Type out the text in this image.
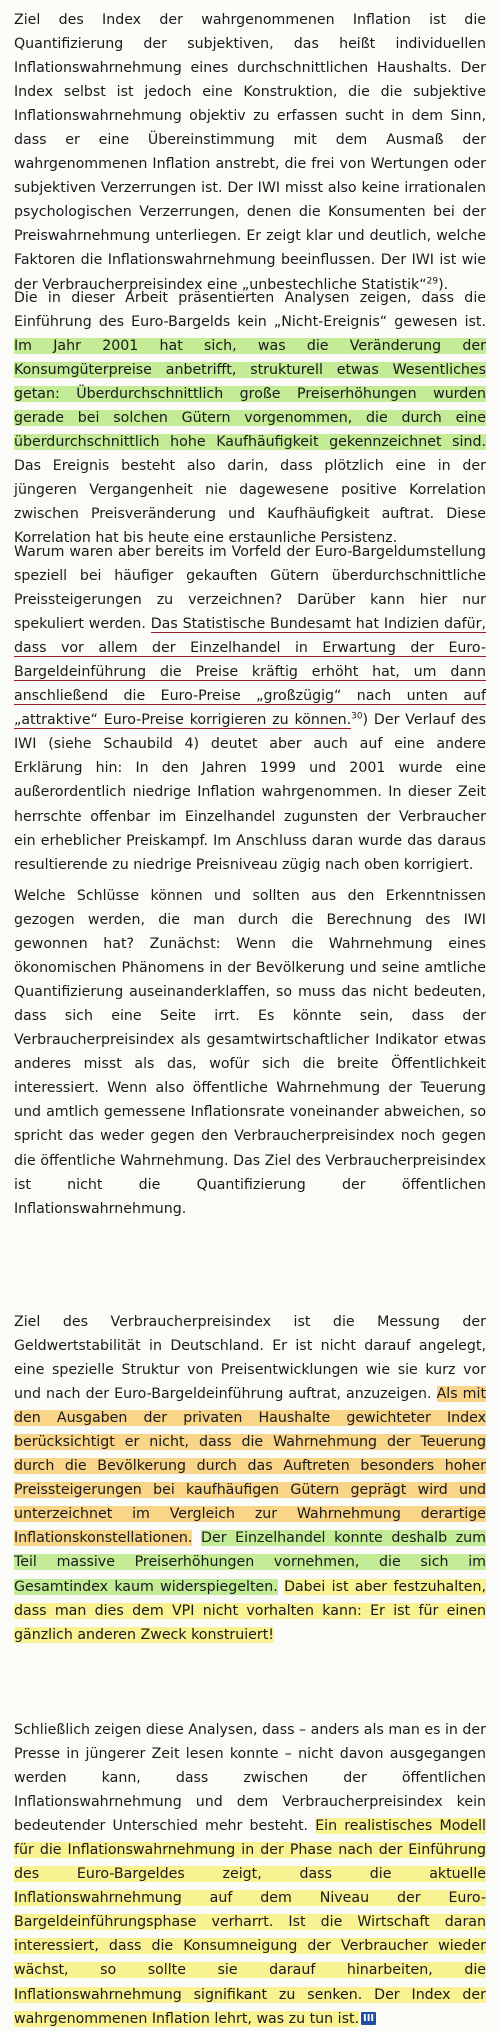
Ziel des Index der wahrgenommenen Inflation ist die Quantifizierung der subjektiven, das heißt individuellen Inflationswahrnehmung eines durchschnittlichen Haushalts. Der Index selbst ist jedoch eine Konstruktion, die die subjektive Inflationswahrnehmung objektiv zu erfassen sucht in dem Sinn, dass er eine Übereinstimmung mit dem Ausmaß der wahrgenommenen Inflation anstrebt, die frei von Wertungen oder subjektiven Verzerrungen ist. Der IWI misst also keine irrationalen psychologischen Verzerrungen, denen die Konsumenten bei der Preiswahrnehmung unterliegen. Er zeigt klar und deutlich, welche Faktoren die Inflationswahrnehmung beeinflussen. Der IWI ist wie der Verbraucherpreisindex eine „unbestechliche Statistik“$^{29}$).

Die in dieser Arbeit präsentierten Analysen zeigen, dass die Einführung des Euro-Bargelds kein „Nicht-Ereignis“ gewesen ist. Im Jahr 2001 hat sich, was die Veränderung der Konsumgüterpreise anbetrifft, strukturell etwas Wesentliches getan: Überdurchschnittlich große Preiserhöhungen wurden gerade bei solchen Gütern vorgenommen, die durch eine überdurchschnittlich hohe Kaufhäufigkeit gekennzeichnet sind. Das Ereignis besteht also darin, dass plötzlich eine in der jüngeren Vergangenheit nie dagewesene positive Korrelation zwischen Preisveränderung und Kaufhäufigkeit auftrat. Diese Korrelation hat bis heute eine erstaunliche Persistenz.

Warum waren aber bereits im Vorfeld der Euro-Bargeldumstellung speziell bei häufiger gekauften Gütern überdurchschnittliche Preissteigerungen zu verzeichnen? Darüber kann hier nur spekuliert werden. Das Statistische Bundesamt hat Indizien dafür, dass vor allem der Einzelhandel in Erwartung der Euro-Bargeldeinführung die Preise kräftig erhöht hat, um dann anschließend die Euro-Preise „großzügig“ nach unten auf „attraktive“ Euro-Preise korrigieren zu können.$^{30}$) Der Verlauf des IWI (siehe Schaubild 4) deutet aber auch auf eine andere Erklärung hin: In den Jahren 1999 und 2001 wurde eine außerordentlich niedrige Inflation wahrgenommen. In dieser Zeit herrschte offenbar im Einzelhandel zugunsten der Verbraucher ein erheblicher Preiskampf. Im Anschluss daran wurde das daraus resultierende zu niedrige Preisniveau zügig nach oben korrigiert.

Welche Schlüsse können und sollten aus den Erkenntnissen gezogen werden, die man durch die Berechnung des IWI gewonnen hat? Zunächst: Wenn die Wahrnehmung eines ökonomischen Phänomens in der Bevölkerung und seine amtliche Quantifizierung auseinanderklaffen, so muss das nicht bedeuten, dass sich eine Seite irrt. Es könnte sein, dass der Verbraucherpreisindex als gesamtwirtschaftlicher Indikator etwas anderes misst als das, wofür sich die breite Öffentlichkeit interessiert. Wenn also öffentliche Wahrnehmung der Teuerung und amtlich gemessene Inflationsrate voneinander abweichen, so spricht das weder gegen den Verbraucherpreisindex noch gegen die öffentliche Wahrnehmung. Das Ziel des Verbraucherpreisindex ist nicht die Quantifizierung der öffentlichen Inflationswahrnehmung.

Ziel des Verbraucherpreisindex ist die Messung der Geldwertstabilität in Deutschland. Er ist nicht darauf angelegt, eine spezielle Struktur von Preisentwicklungen wie sie kurz vor und nach der Euro-Bargeldeinführung auftrat, anzuzeigen. Als mit den Ausgaben der privaten Haushalte gewichteter Index berücksichtigt er nicht, dass die Wahrnehmung der Teuerung durch die Bevölkerung durch das Auftreten besonders hoher Preissteigerungen bei kaufhäufigen Gütern geprägt wird und unterzeichnet im Vergleich zur Wahrnehmung derartige Inflationskonstellationen. Der Einzelhandel konnte deshalb zum Teil massive Preiserhöhungen vornehmen, die sich im Gesamtindex kaum widerspiegelten. Dabei ist aber festzuhalten, dass man dies dem VPI nicht vorhalten kann: Er ist für einen gänzlich anderen Zweck konstruiert!

Schließlich zeigen diese Analysen, dass – anders als man es in der Presse in jüngerer Zeit lesen konnte – nicht davon ausgegangen werden kann, dass zwischen der öffentlichen Inflationswahrnehmung und dem Verbraucherpreisindex kein bedeutender Unterschied mehr besteht. Ein realistisches Modell für die Inflationswahrnehmung in der Phase nach der Einführung des Euro-Bargeldes zeigt, dass die aktuelle Inflationswahrnehmung auf dem Niveau der Euro-Bargeldeinführungsphase verharrt. Ist die Wirtschaft daran interessiert, dass die Konsumneigung der Verbraucher wieder wächst, so sollte sie darauf hinarbeiten, die Inflationswahrnehmung signifikant zu senken. Der Index der wahrgenommenen Inflation lehrt, was zu tun ist. III
